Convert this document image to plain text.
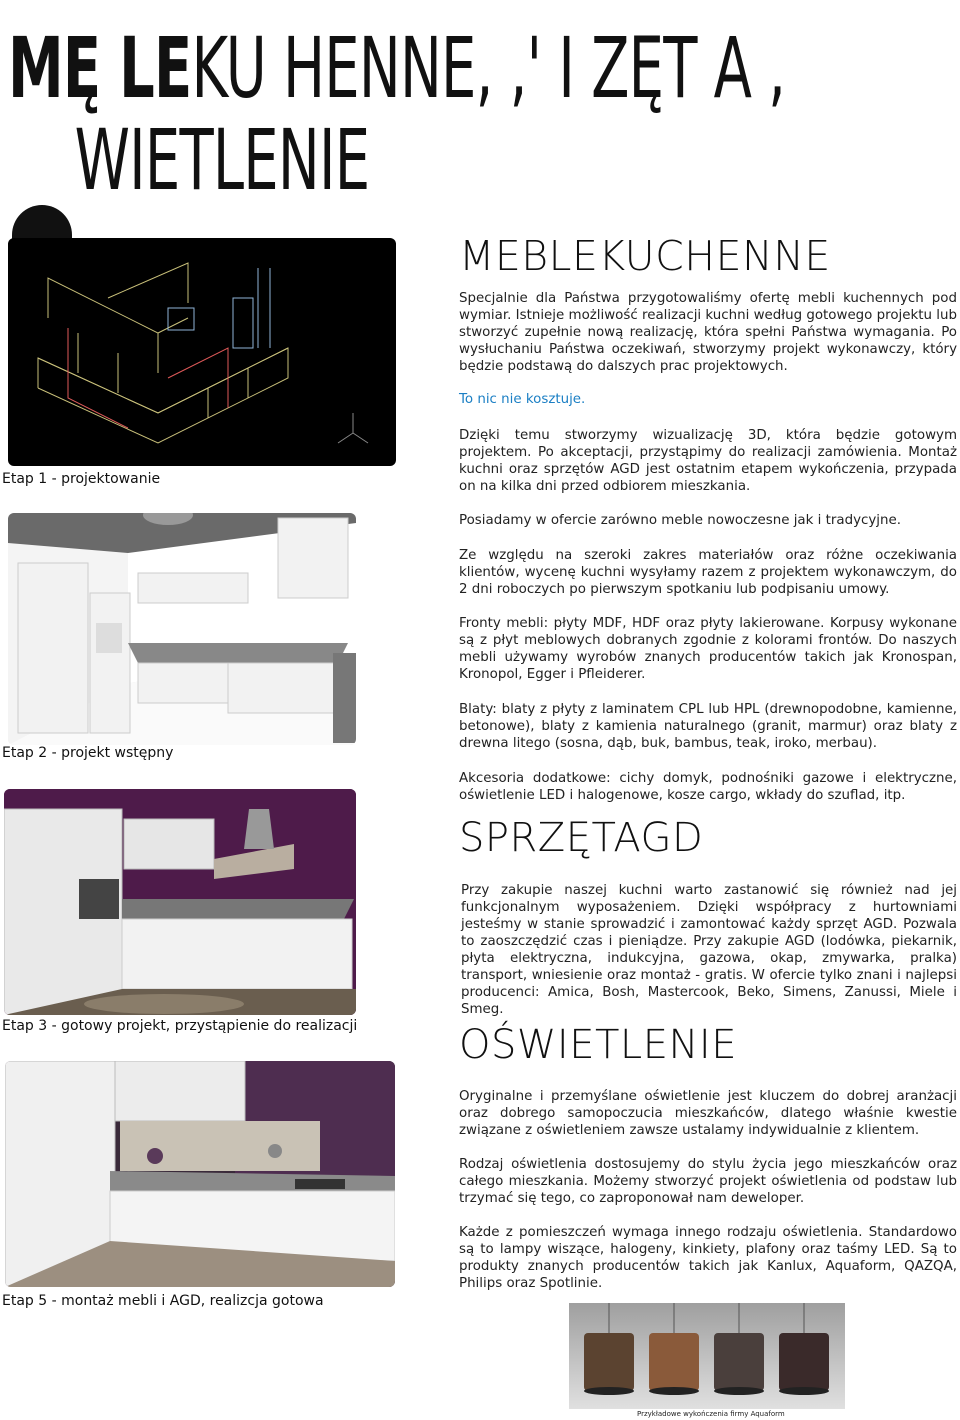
MĘ LEKU HENNE, ,' I ZĘT A ,
WIETLENIE
Etap 1 - projektowanie
Etap 2 - projekt wstępny
Etap 3 - gotowy projekt, przystąpienie do realizacji
Etap 5 - montaż mebli i AGD, realizcja gotowa
MEBLEKUCHENNE
Specjalnie dla Państwa przygotowaliśmy ofertę mebli kuchennych pod wymiar. Istnieje możliwość realizacji kuchni według gotowego projektu lub stworzyć zupełnie nową realizację, która spełni Państwa wymagania. Po wysłuchaniu Państwa oczekiwań, stworzymy projekt wykonawczy, który będzie podstawą do dalszych prac projektowych.
To nic nie kosztuje.
Dzięki temu stworzymy wizualizację 3D, która będzie gotowym projektem. Po akceptacji, przystąpimy do realizacji zamówienia. Montaż kuchni oraz sprzętów AGD jest ostatnim etapem wykończenia, przypada on na kilka dni przed odbiorem mieszkania.
Posiadamy w ofercie zarówno meble nowoczesne jak i tradycyjne.
Ze względu na szeroki zakres materiałów oraz różne oczekiwania klientów, wycenę kuchni wysyłamy razem z projektem wykonawczym, do 2 dni roboczych po pierwszym spotkaniu lub podpisaniu umowy.
Fronty mebli: płyty MDF, HDF oraz płyty lakierowane. Korpusy wykonane są z płyt meblowych dobranych zgodnie z kolorami frontów. Do naszych mebli używamy wyrobów znanych producentów takich jak Kronospan, Kronopol, Egger i Pfleiderer.
Blaty: blaty z płyty z laminatem CPL lub HPL (drewnopodobne, kamienne, betonowe), blaty z kamienia naturalnego (granit, marmur) oraz blaty z drewna litego (sosna, dąb, buk, bambus, teak, iroko, merbau).
Akcesoria dodatkowe: cichy domyk, podnośniki gazowe i elektryczne, oświetlenie LED i halogenowe, kosze cargo, wkłady do szuflad, itp.
SPRZĘTAGD
Przy zakupie naszej kuchni warto zastanowić się również nad jej funkcjonalnym wyposażeniem. Dzięki współpracy z hurtowniami jesteśmy w stanie sprowadzić i zamontować każdy sprzęt AGD. Pozwala to zaoszczędzić czas i pieniądze. Przy zakupie AGD (lodówka, piekarnik, płyta elektryczna, indukcyjna, gazowa, okap, zmywarka, pralka) transport, wniesienie oraz montaż - gratis. W ofercie tylko znani i najlepsi producenci: Amica, Bosh, Mastercook, Beko, Simens, Zanussi, Miele i Smeg.
OŚWIETLENIE
Oryginalne i przemyślane oświetlenie jest kluczem do dobrej aranżacji oraz dobrego samopoczucia mieszkańców, dlatego właśnie kwestie związane z oświetleniem zawsze ustalamy indywidualnie z klientem.
Rodzaj oświetlenia dostosujemy do stylu życia jego mieszkańców oraz całego mieszkania. Możemy stworzyć projekt oświetlenia od podstaw lub trzymać się tego, co zaproponował nam deweloper.
Każde z pomieszczeń wymaga innego rodzaju oświetlenia. Standardowo są to lampy wiszące, halogeny, kinkiety, plafony oraz taśmy LED. Są to produkty znanych producentów takich jak Kanlux, Aquaform, QAZQA, Philips oraz Spotlinie.
Przykładowe wykończenia firmy Aquaform
